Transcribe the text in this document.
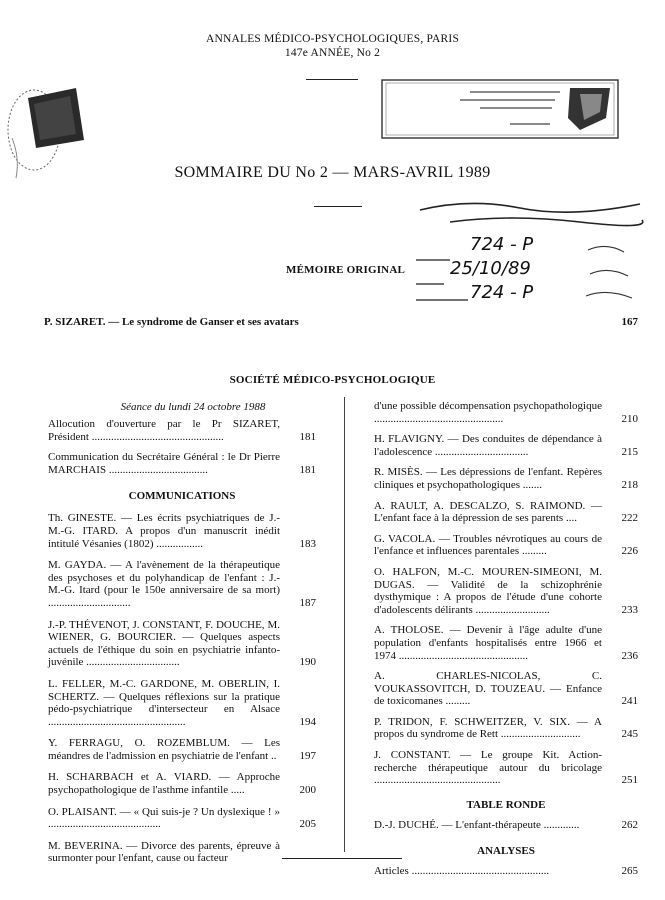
ANNALES MÉDICO-PSYCHOLOGIQUES, PARIS
147e ANNÉE, No 2
SOMMAIRE DU No 2 — MARS-AVRIL 1989
724 - P
25/10/89
724 - P
MÉMOIRE ORIGINAL
P. SIZARET. — Le syndrome de Ganser et ses avatars	167
SOCIÉTÉ MÉDICO-PSYCHOLOGIQUE
Séance du lundi 24 octobre 1988
Allocution d'ouverture par le Pr SIZARET, Président ................................................	181
Communication du Secrétaire Général : le Dr Pierre MARCHAIS ....................................	181
COMMUNICATIONS
Th. GINESTE. — Les écrits psychiatriques de J.-M.-G. ITARD. A propos d'un manuscrit inédit intitulé Vésanies (1802) .................	183
M. GAYDA. — A l'avènement de la thérapeutique des psychoses et du polyhandicap de l'enfant : J.-M.-G. Itard (pour le 150e anniversaire de sa mort) ..............................	187
J.-P. THÉVENOT, J. CONSTANT, F. DOUCHE, M. WIENER, G. BOURCIER. — Quelques aspects actuels de l'éthique du soin en psychiatrie infanto-juvénile ..................................	190
L. FELLER, M.-C. GARDONE, M. OBERLIN, I. SCHERTZ. — Quelques réflexions sur la pratique pédo-psychiatrique d'intersecteur en Alsace ..................................................	194
Y. FERRAGU, O. ROZEMBLUM. — Les méandres de l'admission en psychiatrie de l'enfant .. 197
H. SCHARBACH et A. VIARD. — Approche psychopathologique de l'asthme infantile .....	200
O. PLAISANT. — « Qui suis-je ? Un dyslexique ! » .........................................	205
M. BEVERINA. — Divorce des parents, épreuve à surmonter pour l'enfant, cause ou facteur
d'une possible décompensation psychopathologique ...............................................	210
H. FLAVIGNY. — Des conduites de dépendance à l'adolescence ..................................	215
R. MISÈS. — Les dépressions de l'enfant. Repères cliniques et psychopathologiques .......	218
A. RAULT, A. DESCALZO, S. RAIMOND. — L'enfant face à la dépression de ses parents ....	222
G. VACOLA. — Troubles névrotiques au cours de l'enfance et influences parentales .........	226
O. HALFON, M.-C. MOUREN-SIMEONI, M. DUGAS. — Validité de la schizophrénie dysthymique : A propos de l'étude d'une cohorte d'adolescents délirants ...........................	233
A. THOLOSE. — Devenir à l'âge adulte d'une population d'enfants hospitalisés entre 1966 et 1974 ...............................................	236
A. CHARLES-NICOLAS, C. VOUKASSOVITCH, D. TOUZEAU. — Enfance de toxicomanes .........	241
P. TRIDON, F. SCHWEITZER, V. SIX. — A propos du syndrome de Rett .............................	245
J. CONSTANT. — Le groupe Kit. Action-recherche thérapeutique autour du bricolage ..............................................	251
TABLE RONDE
D.-J. DUCHÉ. — L'enfant-thérapeute .............	262
ANALYSES
Articles ..................................................	265
